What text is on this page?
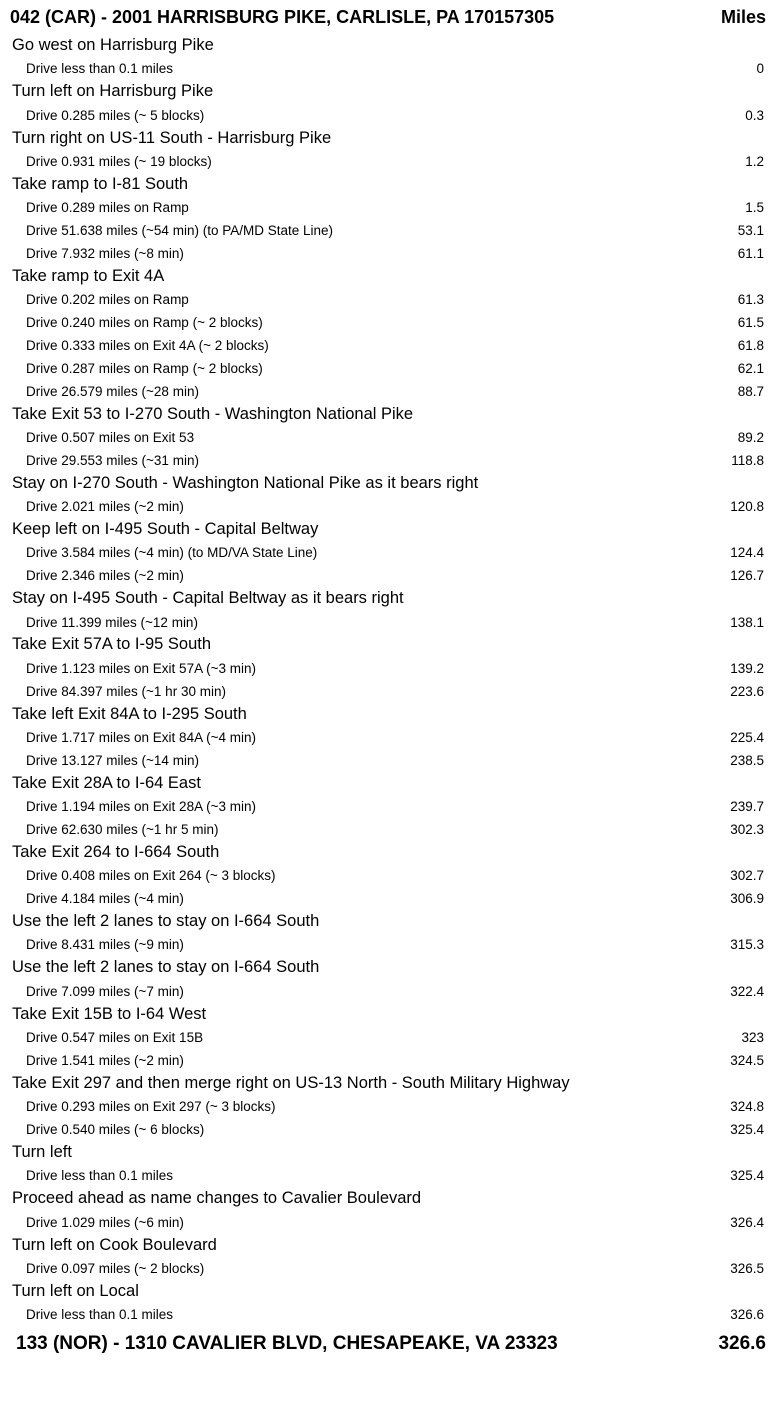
042 (CAR) - 2001 HARRISBURG PIKE, CARLISLE, PA 170157305	Miles
Go west on Harrisburg Pike
Drive less than 0.1 miles	0
Turn left on Harrisburg Pike
Drive 0.285 miles (~ 5 blocks)	0.3
Turn right on US-11 South - Harrisburg Pike
Drive 0.931 miles (~ 19 blocks)	1.2
Take ramp to I-81 South
Drive 0.289 miles on Ramp	1.5
Drive 51.638 miles (~54 min) (to PA/MD State Line)	53.1
Drive 7.932 miles (~8 min)	61.1
Take ramp to Exit 4A
Drive 0.202 miles on Ramp	61.3
Drive 0.240 miles on Ramp (~ 2 blocks)	61.5
Drive 0.333 miles on Exit 4A (~ 2 blocks)	61.8
Drive 0.287 miles on Ramp (~ 2 blocks)	62.1
Drive 26.579 miles (~28 min)	88.7
Take Exit 53 to I-270 South - Washington National Pike
Drive 0.507 miles on Exit 53	89.2
Drive 29.553 miles (~31 min)	118.8
Stay on I-270 South - Washington National Pike as it bears right
Drive 2.021 miles (~2 min)	120.8
Keep left on I-495 South - Capital Beltway
Drive 3.584 miles (~4 min) (to MD/VA State Line)	124.4
Drive 2.346 miles (~2 min)	126.7
Stay on I-495 South - Capital Beltway as it bears right
Drive 11.399 miles (~12 min)	138.1
Take Exit 57A to I-95 South
Drive 1.123 miles on Exit 57A (~3 min)	139.2
Drive 84.397 miles (~1 hr 30 min)	223.6
Take left Exit 84A to I-295 South
Drive 1.717 miles on Exit 84A (~4 min)	225.4
Drive 13.127 miles (~14 min)	238.5
Take Exit 28A to I-64 East
Drive 1.194 miles on Exit 28A (~3 min)	239.7
Drive 62.630 miles (~1 hr 5 min)	302.3
Take Exit 264 to I-664 South
Drive 0.408 miles on Exit 264 (~ 3 blocks)	302.7
Drive 4.184 miles (~4 min)	306.9
Use the left 2 lanes to stay on I-664 South
Drive 8.431 miles (~9 min)	315.3
Use the left 2 lanes to stay on I-664 South
Drive 7.099 miles (~7 min)	322.4
Take Exit 15B to I-64 West
Drive 0.547 miles on Exit 15B	323
Drive 1.541 miles (~2 min)	324.5
Take Exit 297 and then merge right on US-13 North - South Military Highway
Drive 0.293 miles on Exit 297 (~ 3 blocks)	324.8
Drive 0.540 miles (~ 6 blocks)	325.4
Turn left
Drive less than 0.1 miles	325.4
Proceed ahead as name changes to Cavalier Boulevard
Drive 1.029 miles (~6 min)	326.4
Turn left on Cook Boulevard
Drive 0.097 miles (~ 2 blocks)	326.5
Turn left on Local
Drive less than 0.1 miles	326.6
133 (NOR) - 1310 CAVALIER BLVD, CHESAPEAKE, VA 23323	326.6
